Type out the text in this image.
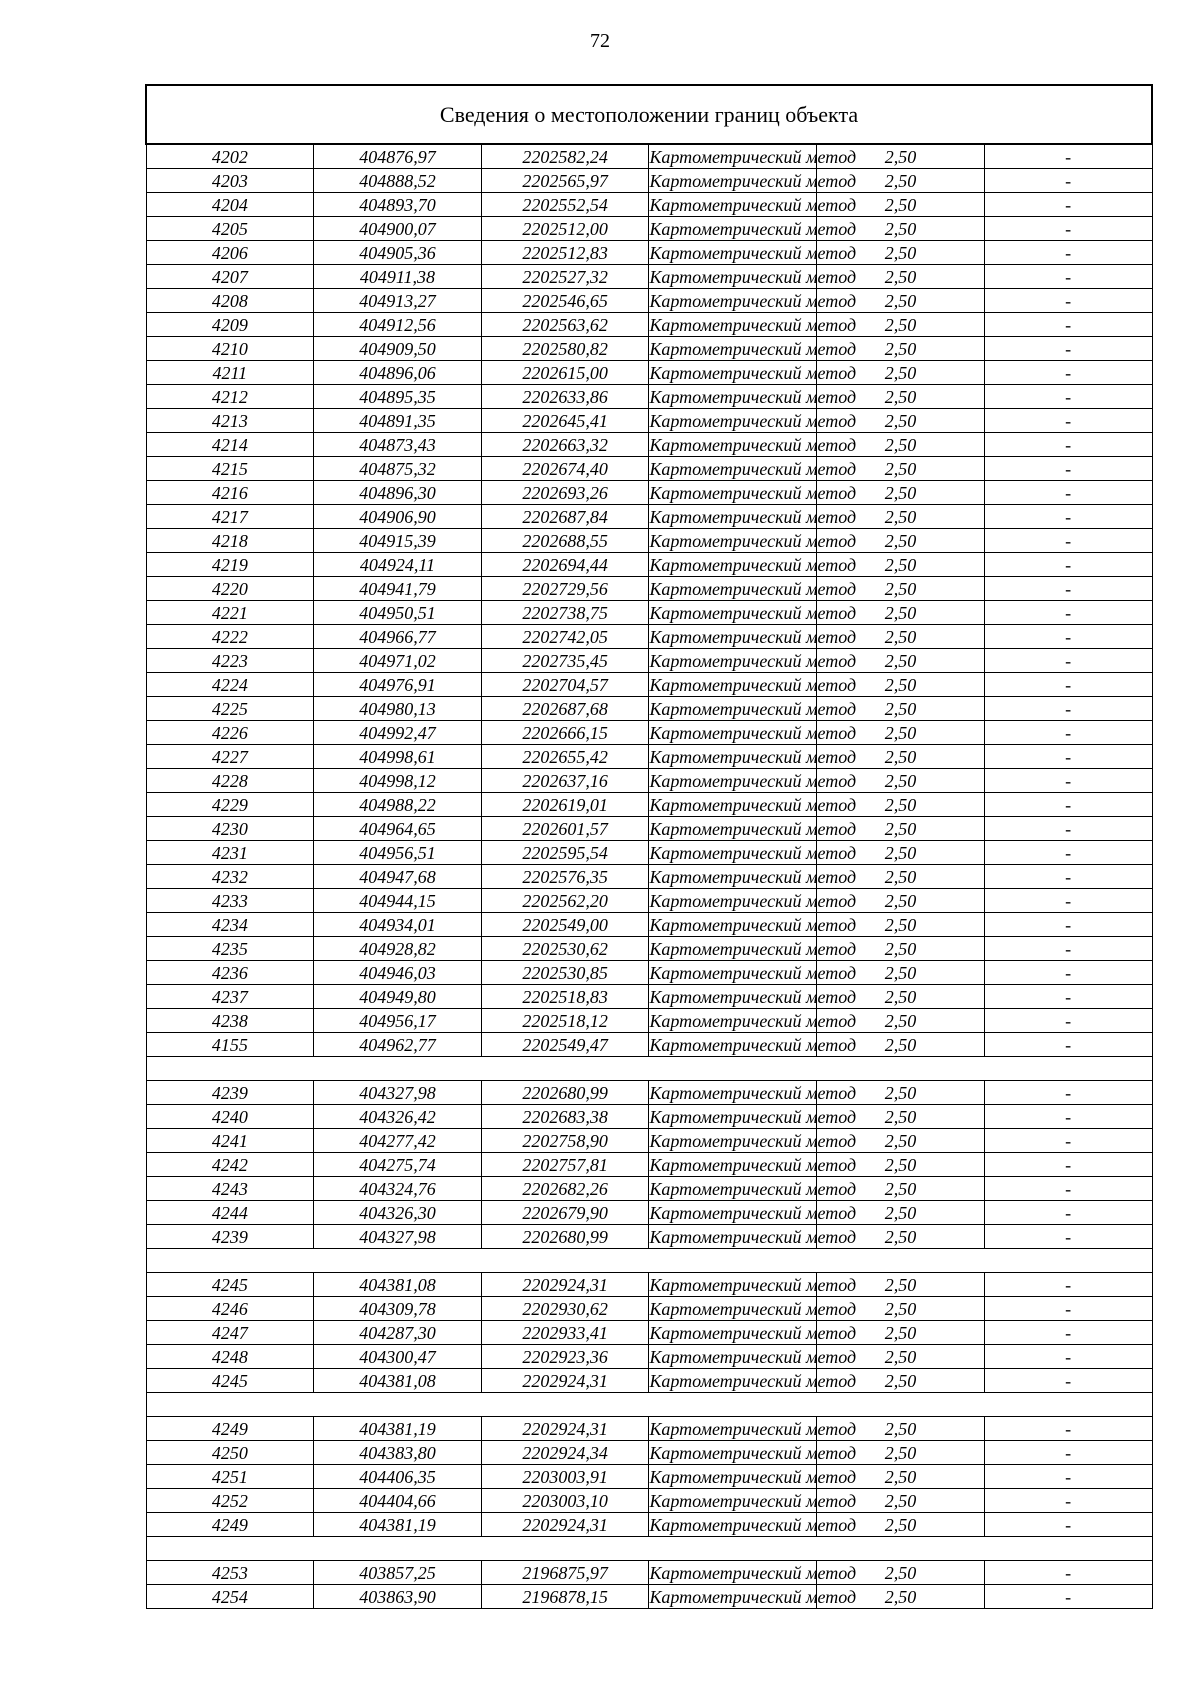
72
Сведения о местоположении границ объекта					
4202	404876,97	2202582,24	Картометрический метод	2,50	-
4203	404888,52	2202565,97	Картометрический метод	2,50	-
4204	404893,70	2202552,54	Картометрический метод	2,50	-
4205	404900,07	2202512,00	Картометрический метод	2,50	-
4206	404905,36	2202512,83	Картометрический метод	2,50	-
4207	404911,38	2202527,32	Картометрический метод	2,50	-
4208	404913,27	2202546,65	Картометрический метод	2,50	-
4209	404912,56	2202563,62	Картометрический метод	2,50	-
4210	404909,50	2202580,82	Картометрический метод	2,50	-
4211	404896,06	2202615,00	Картометрический метод	2,50	-
4212	404895,35	2202633,86	Картометрический метод	2,50	-
4213	404891,35	2202645,41	Картометрический метод	2,50	-
4214	404873,43	2202663,32	Картометрический метод	2,50	-
4215	404875,32	2202674,40	Картометрический метод	2,50	-
4216	404896,30	2202693,26	Картометрический метод	2,50	-
4217	404906,90	2202687,84	Картометрический метод	2,50	-
4218	404915,39	2202688,55	Картометрический метод	2,50	-
4219	404924,11	2202694,44	Картометрический метод	2,50	-
4220	404941,79	2202729,56	Картометрический метод	2,50	-
4221	404950,51	2202738,75	Картометрический метод	2,50	-
4222	404966,77	2202742,05	Картометрический метод	2,50	-
4223	404971,02	2202735,45	Картометрический метод	2,50	-
4224	404976,91	2202704,57	Картометрический метод	2,50	-
4225	404980,13	2202687,68	Картометрический метод	2,50	-
4226	404992,47	2202666,15	Картометрический метод	2,50	-
4227	404998,61	2202655,42	Картометрический метод	2,50	-
4228	404998,12	2202637,16	Картометрический метод	2,50	-
4229	404988,22	2202619,01	Картометрический метод	2,50	-
4230	404964,65	2202601,57	Картометрический метод	2,50	-
4231	404956,51	2202595,54	Картометрический метод	2,50	-
4232	404947,68	2202576,35	Картометрический метод	2,50	-
4233	404944,15	2202562,20	Картометрический метод	2,50	-
4234	404934,01	2202549,00	Картометрический метод	2,50	-
4235	404928,82	2202530,62	Картометрический метод	2,50	-
4236	404946,03	2202530,85	Картометрический метод	2,50	-
4237	404949,80	2202518,83	Картометрический метод	2,50	-
4238	404956,17	2202518,12	Картометрический метод	2,50	-
4155	404962,77	2202549,47	Картометрический метод	2,50	-

4239	404327,98	2202680,99	Картометрический метод	2,50	-
4240	404326,42	2202683,38	Картометрический метод	2,50	-
4241	404277,42	2202758,90	Картометрический метод	2,50	-
4242	404275,74	2202757,81	Картометрический метод	2,50	-
4243	404324,76	2202682,26	Картометрический метод	2,50	-
4244	404326,30	2202679,90	Картометрический метод	2,50	-
4239	404327,98	2202680,99	Картометрический метод	2,50	-

4245	404381,08	2202924,31	Картометрический метод	2,50	-
4246	404309,78	2202930,62	Картометрический метод	2,50	-
4247	404287,30	2202933,41	Картометрический метод	2,50	-
4248	404300,47	2202923,36	Картометрический метод	2,50	-
4245	404381,08	2202924,31	Картометрический метод	2,50	-

4249	404381,19	2202924,31	Картометрический метод	2,50	-
4250	404383,80	2202924,34	Картометрический метод	2,50	-
4251	404406,35	2203003,91	Картометрический метод	2,50	-
4252	404404,66	2203003,10	Картометрический метод	2,50	-
4249	404381,19	2202924,31	Картометрический метод	2,50	-

4253	403857,25	2196875,97	Картометрический метод	2,50	-
4254	403863,90	2196878,15	Картометрический метод	2,50	-
